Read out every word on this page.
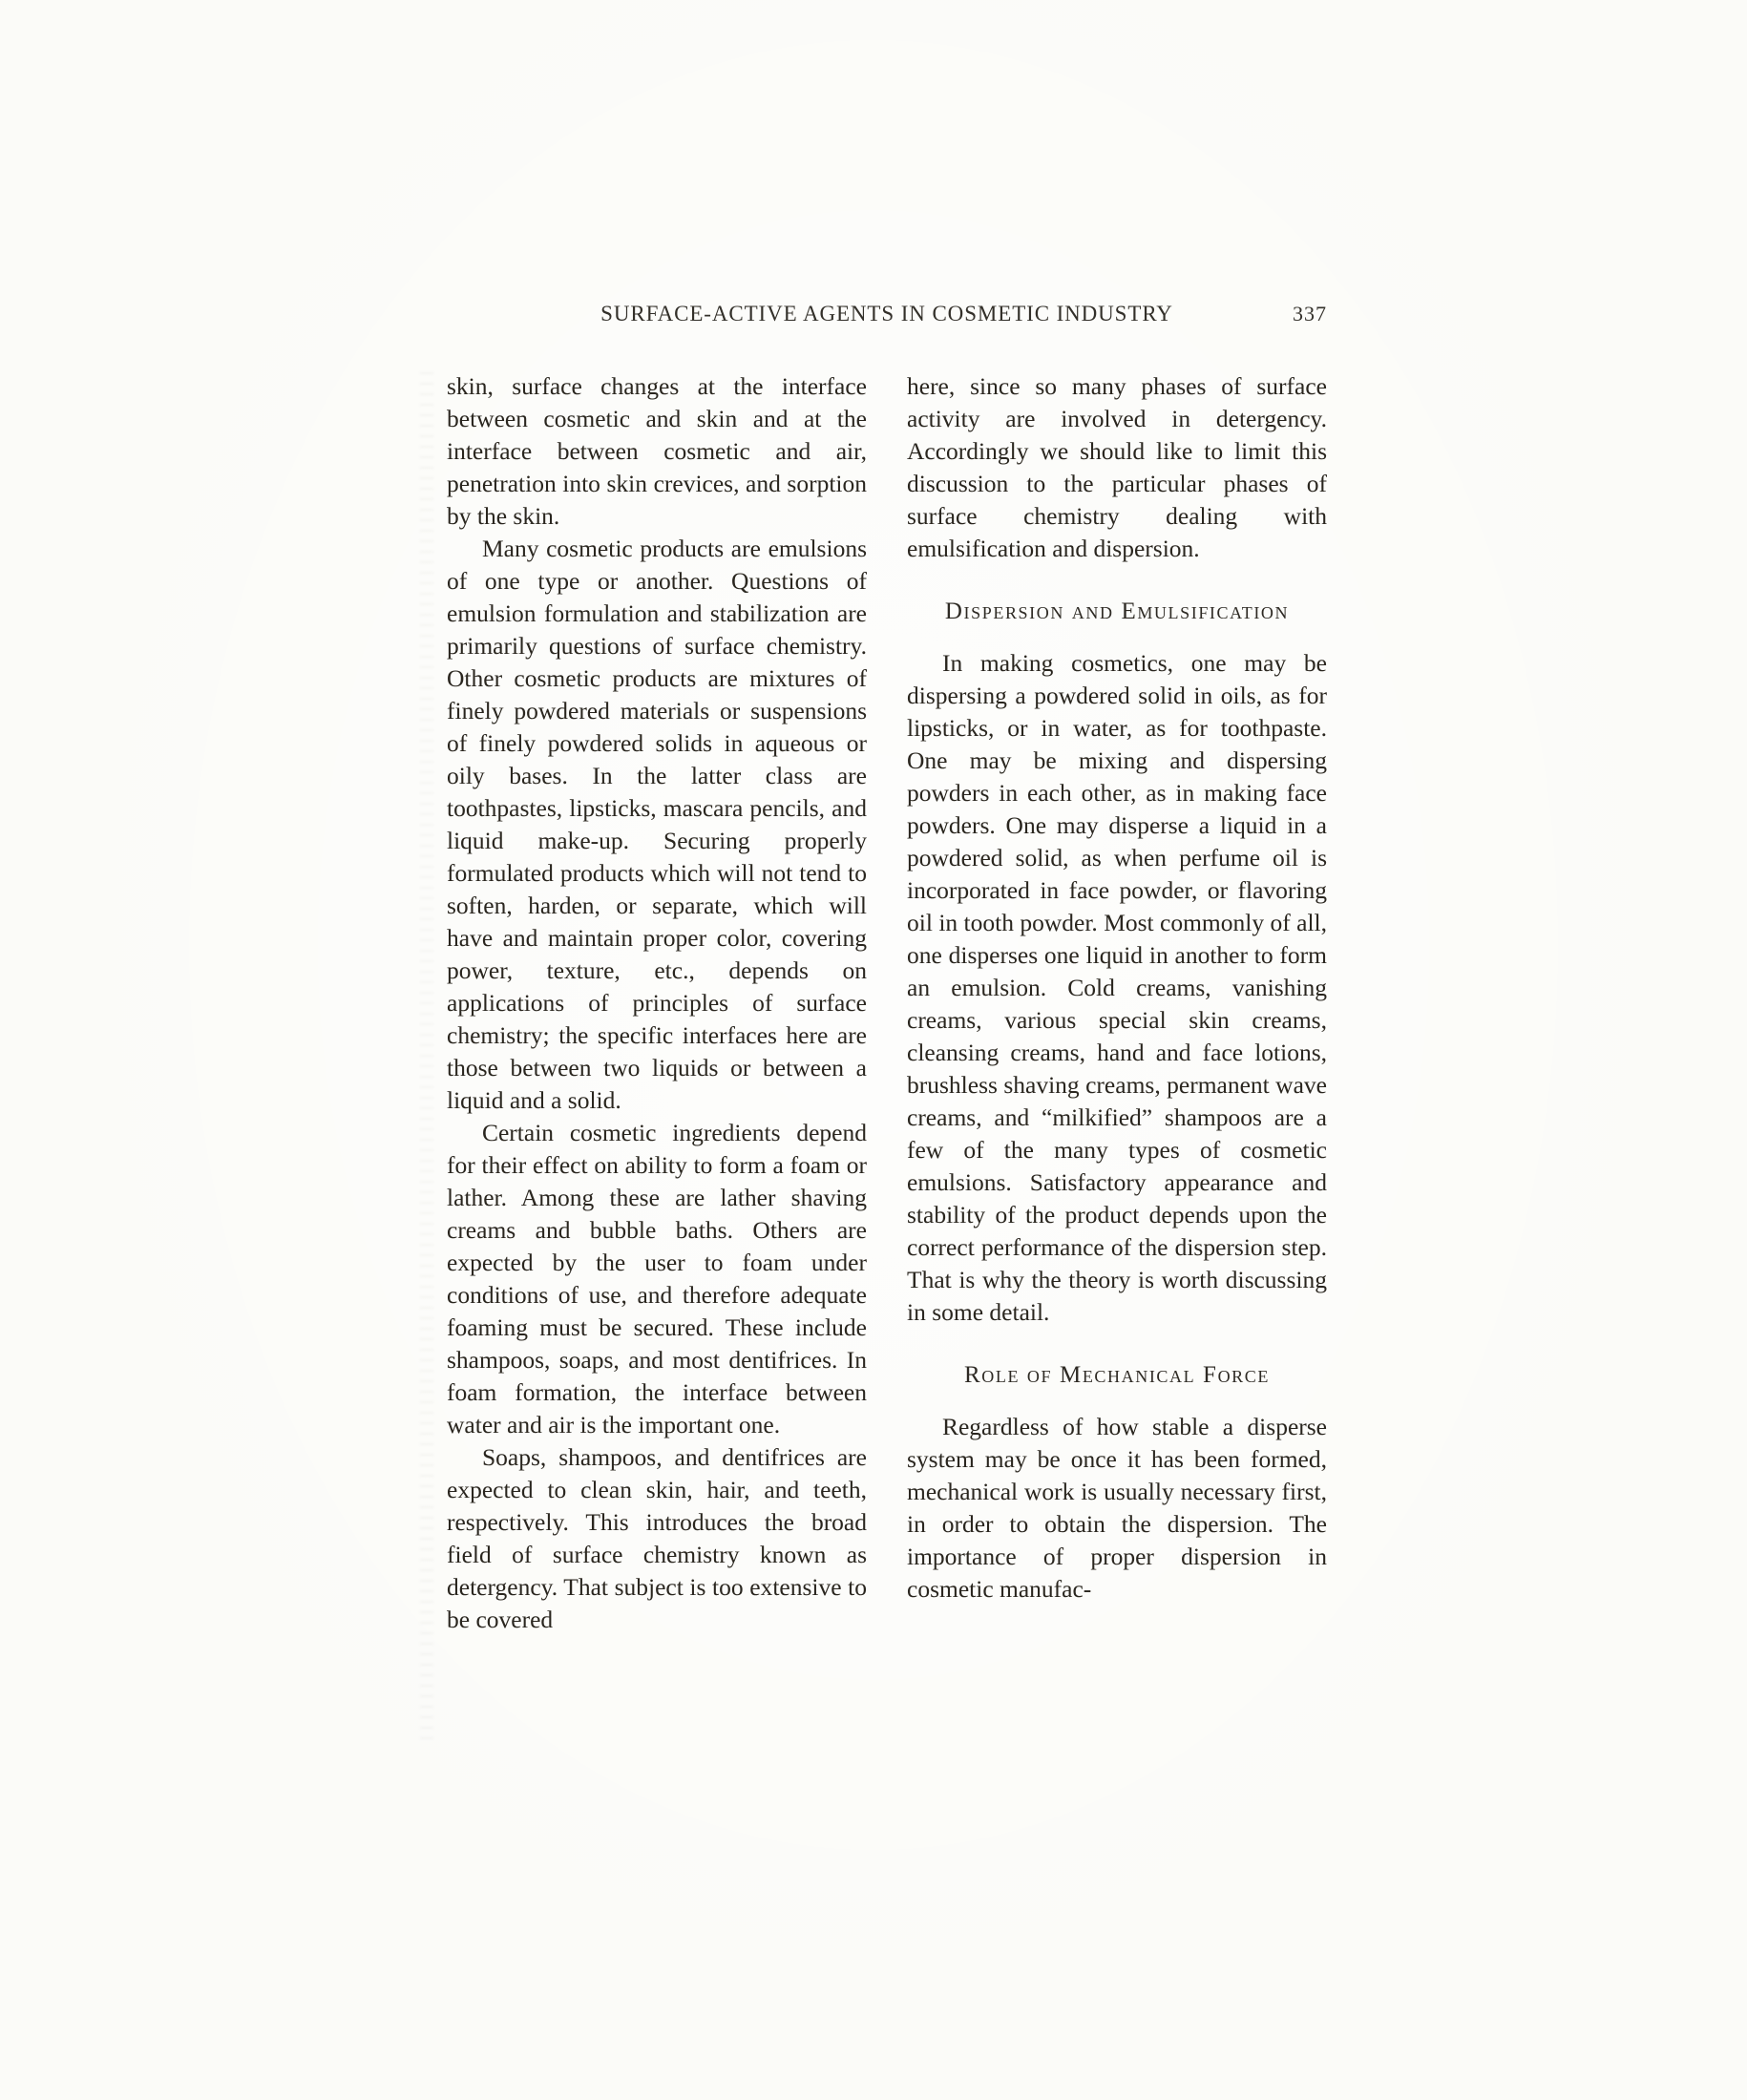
SURFACE-ACTIVE AGENTS IN COSMETIC INDUSTRY	337

skin, surface changes at the interface between cosmetic and skin and at the interface between cosmetic and air, penetration into skin crevices, and sorption by the skin.

Many cosmetic products are emulsions of one type or another. Questions of emulsion formulation and stabilization are primarily questions of surface chemistry. Other cosmetic products are mixtures of finely powdered materials or suspensions of finely powdered solids in aqueous or oily bases. In the latter class are toothpastes, lipsticks, mascara pencils, and liquid make-up. Securing properly formulated products which will not tend to soften, harden, or separate, which will have and maintain proper color, covering power, texture, etc., depends on applications of principles of surface chemistry; the specific interfaces here are those between two liquids or between a liquid and a solid.

Certain cosmetic ingredients depend for their effect on ability to form a foam or lather. Among these are lather shaving creams and bubble baths. Others are expected by the user to foam under conditions of use, and therefore adequate foaming must be secured. These include shampoos, soaps, and most dentifrices. In foam formation, the interface between water and air is the important one.

Soaps, shampoos, and dentifrices are expected to clean skin, hair, and teeth, respectively. This introduces the broad field of surface chemistry known as detergency. That subject is too extensive to be covered

here, since so many phases of surface activity are involved in detergency. Accordingly we should like to limit this discussion to the particular phases of surface chemistry dealing with emulsification and dispersion.

Dispersion and Emulsification

In making cosmetics, one may be dispersing a powdered solid in oils, as for lipsticks, or in water, as for toothpaste. One may be mixing and dispersing powders in each other, as in making face powders. One may disperse a liquid in a powdered solid, as when perfume oil is incorporated in face powder, or flavoring oil in tooth powder. Most commonly of all, one disperses one liquid in another to form an emulsion. Cold creams, vanishing creams, various special skin creams, cleansing creams, hand and face lotions, brushless shaving creams, permanent wave creams, and “milkified” shampoos are a few of the many types of cosmetic emulsions. Satisfactory appearance and stability of the product depends upon the correct performance of the dispersion step. That is why the theory is worth discussing in some detail.

Role of Mechanical Force

Regardless of how stable a disperse system may be once it has been formed, mechanical work is usually necessary first, in order to obtain the dispersion. The importance of proper dispersion in cosmetic manufac-
